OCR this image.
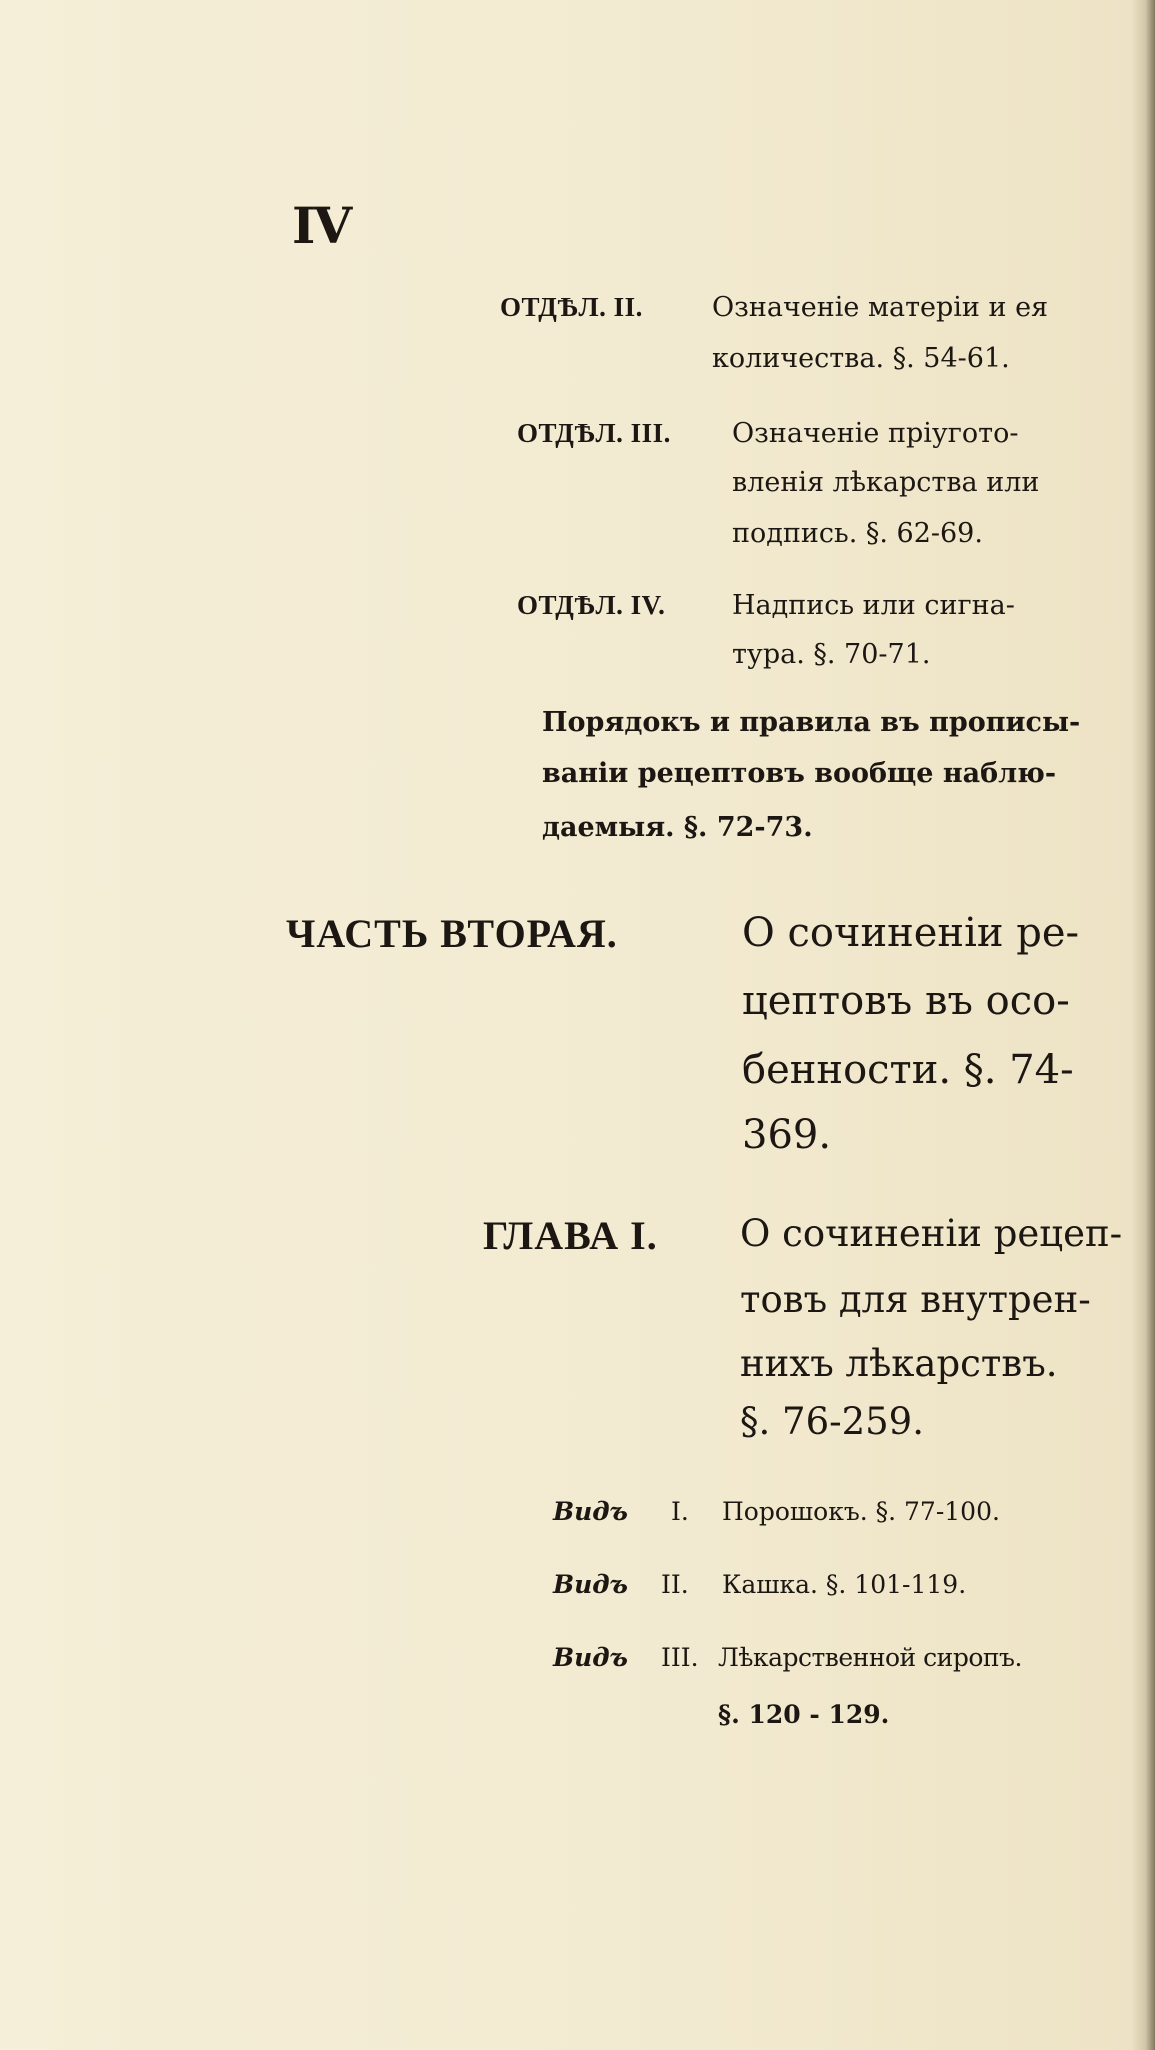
IV
ОТДѢЛ. II.	Означеніе матеріи и ея
количества. §. 54-61.
ОТДѢЛ. III. Означеніе пріуготo-
вленія лѣкарства или
подпись. §. 62-69.
ОТДѢЛ. IV. Надпись или сигна-
тура. §. 70-71.
Порядокъ и правила въ прописы-
ваніи рецептовъ вообще наблю-
даемыя. §. 72-73.
ЧАСТЬ ВТОРАЯ.	О сочиненіи ре-
цептовъ въ осо-
бенности. §. 74-
369.
ГЛАВА I. О сочиненіи рецеп-
товъ для внутрен-
нихъ лѣкарствъ.
§. 76-259.
Видъ I. Порошокъ. §. 77-100.
Видъ II. Кашка. §. 101-119.
Видъ III. Лѣкарственной сиропъ.
§. 120 - 129.
